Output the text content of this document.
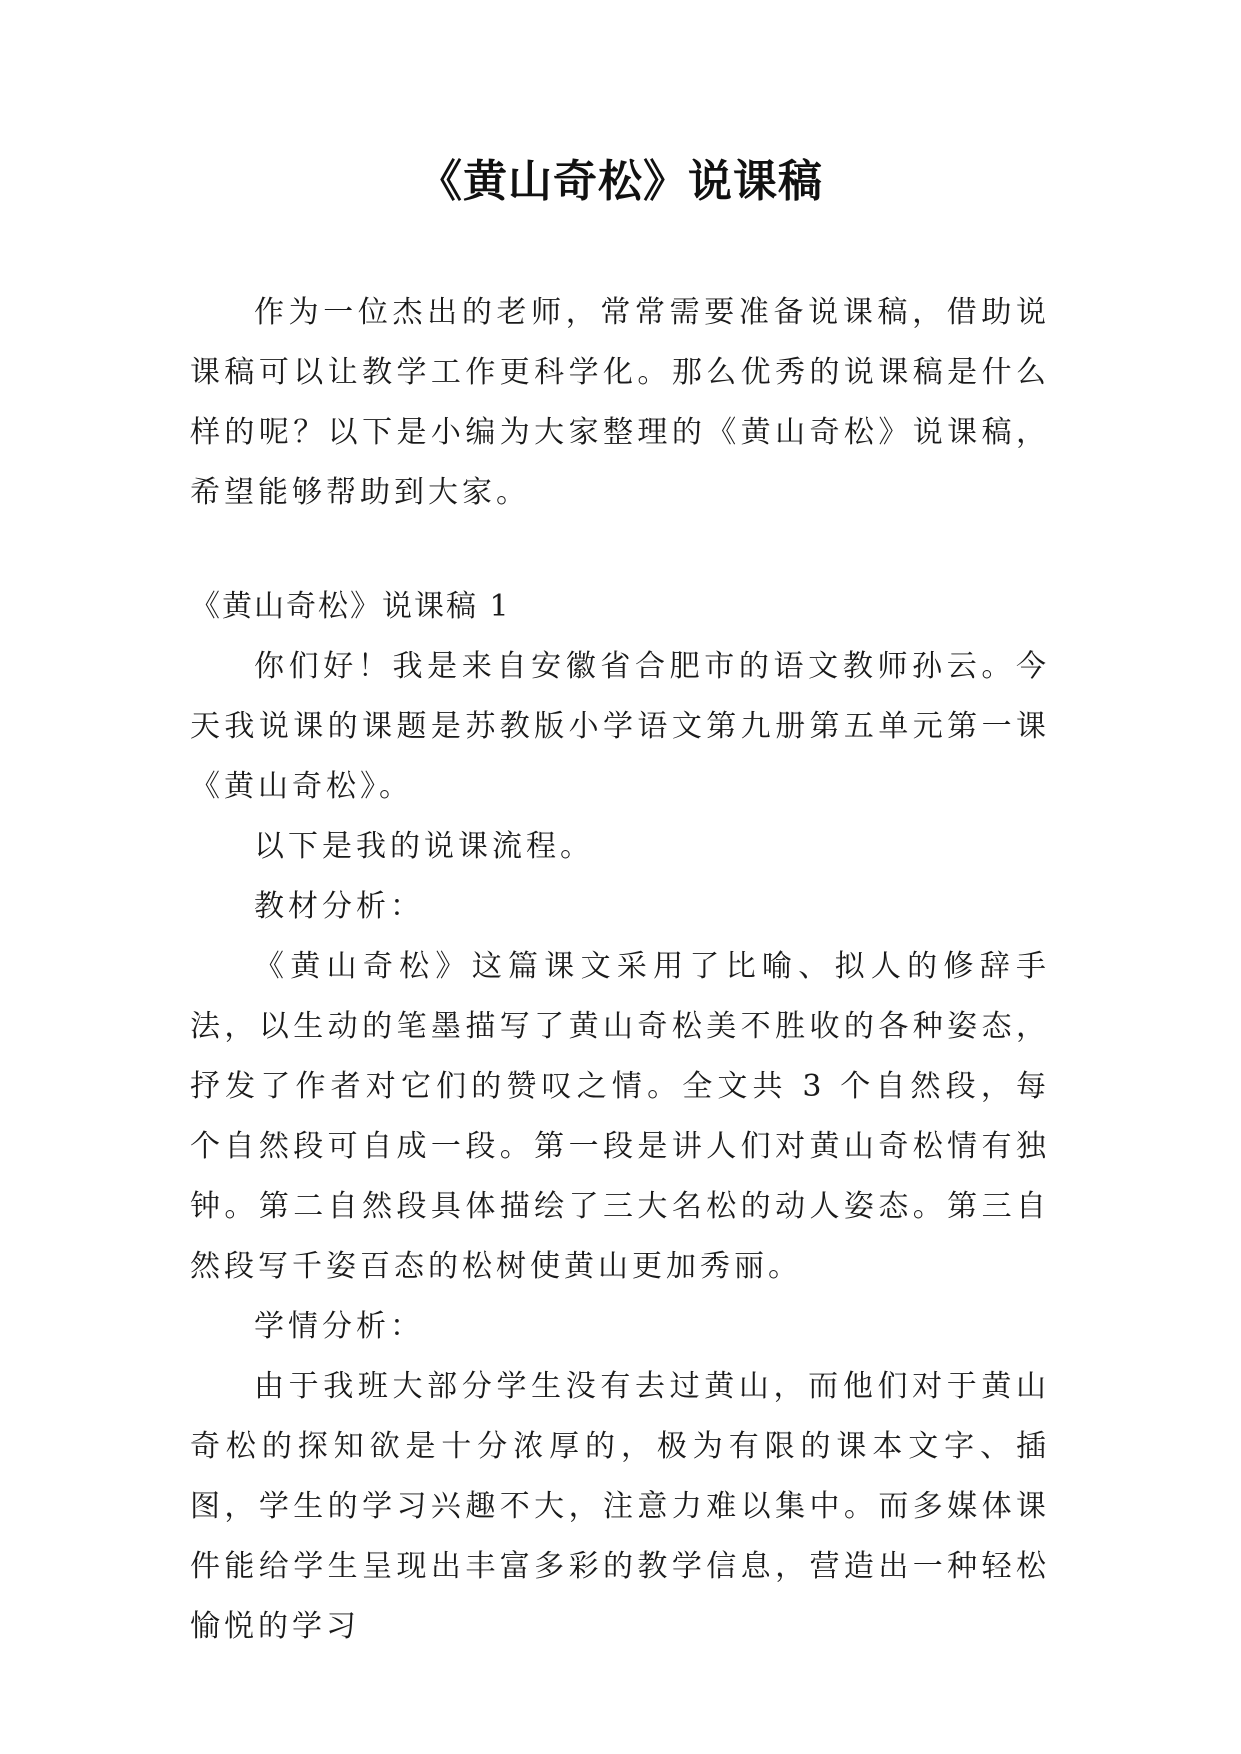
《黄山奇松》说课稿

作为一位杰出的老师，常常需要准备说课稿，借助说课稿可以让教学工作更科学化。那么优秀的说课稿是什么样的呢？以下是小编为大家整理的《黄山奇松》说课稿，希望能够帮助到大家。

《黄山奇松》说课稿 1

你们好！我是来自安徽省合肥市的语文教师孙云。今天我说课的课题是苏教版小学语文第九册第五单元第一课《黄山奇松》。

以下是我的说课流程。

教材分析：

《黄山奇松》这篇课文采用了比喻、拟人的修辞手法，以生动的笔墨描写了黄山奇松美不胜收的各种姿态，抒发了作者对它们的赞叹之情。全文共 3 个自然段，每个自然段可自成一段。第一段是讲人们对黄山奇松情有独钟。第二自然段具体描绘了三大名松的动人姿态。第三自然段写千姿百态的松树使黄山更加秀丽。

学情分析：

由于我班大部分学生没有去过黄山，而他们对于黄山奇松的探知欲是十分浓厚的，极为有限的课本文字、插图，学生的学习兴趣不大，注意力难以集中。而多媒体课件能给学生呈现出丰富多彩的教学信息，营造出一种轻松愉悦的学习
